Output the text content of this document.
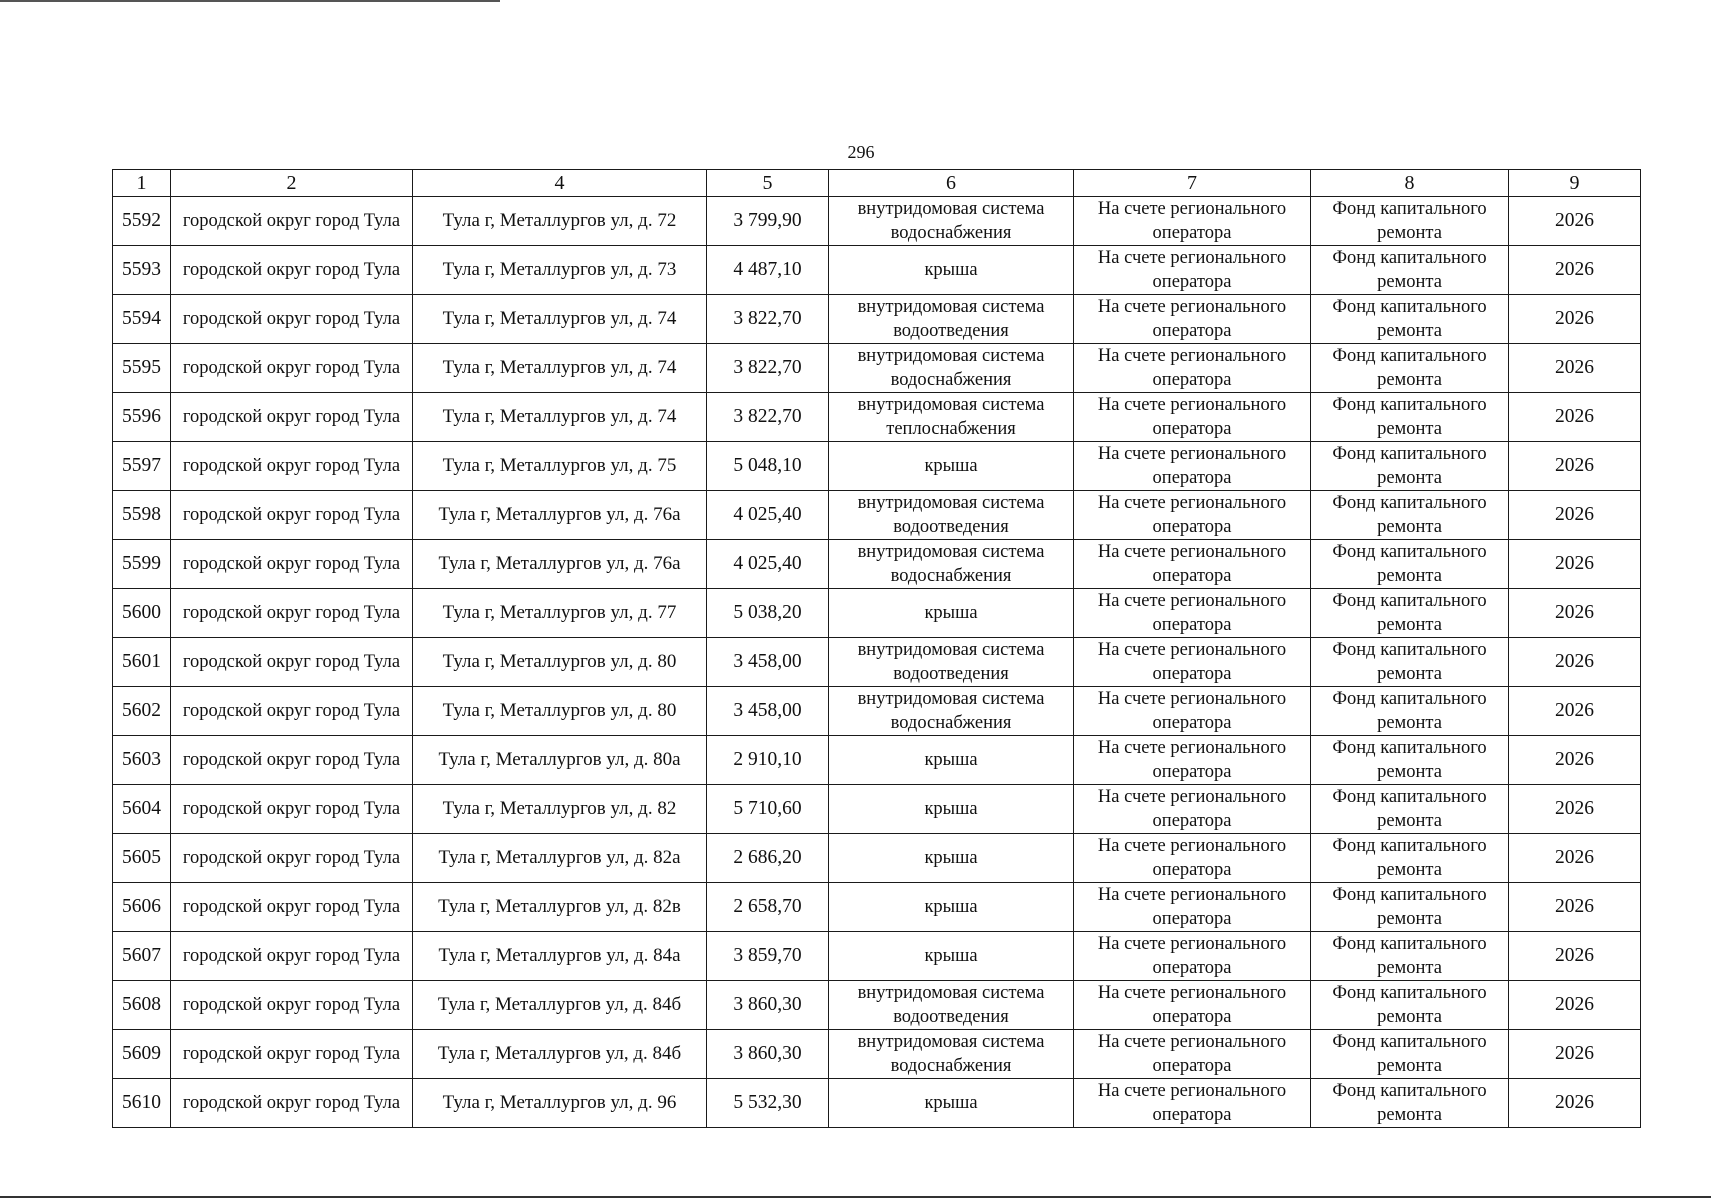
296
1	2	4	5	6	7	8	9
5592	городской округ город Тула	Тула г, Металлургов ул, д. 72	3 799,90	внутридомовая система водоснабжения	На счете регионального оператора	Фонд капитального ремонта	2026
5593	городской округ город Тула	Тула г, Металлургов ул, д. 73	4 487,10	крыша	На счете регионального оператора	Фонд капитального ремонта	2026
5594	городской округ город Тула	Тула г, Металлургов ул, д. 74	3 822,70	внутридомовая система водоотведения	На счете регионального оператора	Фонд капитального ремонта	2026
5595	городской округ город Тула	Тула г, Металлургов ул, д. 74	3 822,70	внутридомовая система водоснабжения	На счете регионального оператора	Фонд капитального ремонта	2026
5596	городской округ город Тула	Тула г, Металлургов ул, д. 74	3 822,70	внутридомовая система теплоснабжения	На счете регионального оператора	Фонд капитального ремонта	2026
5597	городской округ город Тула	Тула г, Металлургов ул, д. 75	5 048,10	крыша	На счете регионального оператора	Фонд капитального ремонта	2026
5598	городской округ город Тула	Тула г, Металлургов ул, д. 76а	4 025,40	внутридомовая система водоотведения	На счете регионального оператора	Фонд капитального ремонта	2026
5599	городской округ город Тула	Тула г, Металлургов ул, д. 76а	4 025,40	внутридомовая система водоснабжения	На счете регионального оператора	Фонд капитального ремонта	2026
5600	городской округ город Тула	Тула г, Металлургов ул, д. 77	5 038,20	крыша	На счете регионального оператора	Фонд капитального ремонта	2026
5601	городской округ город Тула	Тула г, Металлургов ул, д. 80	3 458,00	внутридомовая система водоотведения	На счете регионального оператора	Фонд капитального ремонта	2026
5602	городской округ город Тула	Тула г, Металлургов ул, д. 80	3 458,00	внутридомовая система водоснабжения	На счете регионального оператора	Фонд капитального ремонта	2026
5603	городской округ город Тула	Тула г, Металлургов ул, д. 80а	2 910,10	крыша	На счете регионального оператора	Фонд капитального ремонта	2026
5604	городской округ город Тула	Тула г, Металлургов ул, д. 82	5 710,60	крыша	На счете регионального оператора	Фонд капитального ремонта	2026
5605	городской округ город Тула	Тула г, Металлургов ул, д. 82а	2 686,20	крыша	На счете регионального оператора	Фонд капитального ремонта	2026
5606	городской округ город Тула	Тула г, Металлургов ул, д. 82в	2 658,70	крыша	На счете регионального оператора	Фонд капитального ремонта	2026
5607	городской округ город Тула	Тула г, Металлургов ул, д. 84а	3 859,70	крыша	На счете регионального оператора	Фонд капитального ремонта	2026
5608	городской округ город Тула	Тула г, Металлургов ул, д. 84б	3 860,30	внутридомовая система водоотведения	На счете регионального оператора	Фонд капитального ремонта	2026
5609	городской округ город Тула	Тула г, Металлургов ул, д. 84б	3 860,30	внутридомовая система водоснабжения	На счете регионального оператора	Фонд капитального ремонта	2026
5610	городской округ город Тула	Тула г, Металлургов ул, д. 96	5 532,30	крыша	На счете регионального оператора	Фонд капитального ремонта	2026
